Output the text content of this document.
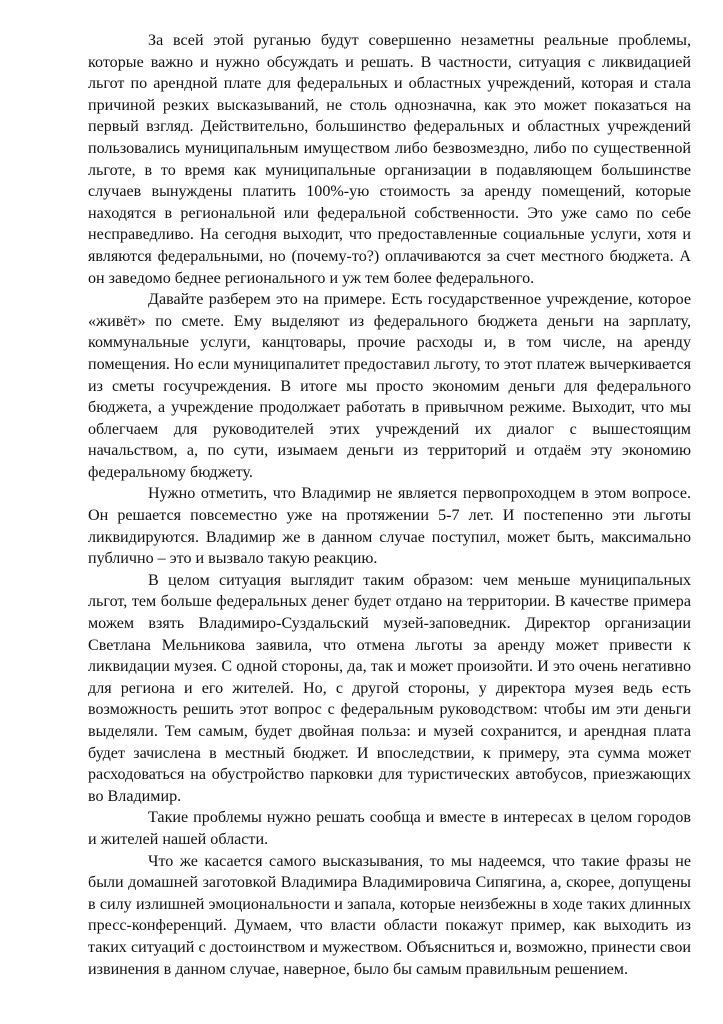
За всей этой руганью будут совершенно незаметны реальные проблемы, которые важно и нужно обсуждать и решать. В частности, ситуация с ликвидацией льгот по арендной плате для федеральных и областных учреждений, которая и стала причиной резких высказываний, не столь однозначна, как это может показаться на первый взгляд. Действительно, большинство федеральных и областных учреждений пользовались муниципальным имуществом либо безвозмездно, либо по существенной льготе, в то время как муниципальные организации в подавляющем большинстве случаев вынуждены платить 100%-ую стоимость за аренду помещений, которые находятся в региональной или федеральной собственности. Это уже само по себе несправедливо. На сегодня выходит, что предоставленные социальные услуги, хотя и являются федеральными, но (почему-то?) оплачиваются за счет местного бюджета. А он заведомо беднее регионального и уж тем более федерального.

Давайте разберем это на примере. Есть государственное учреждение, которое «живёт» по смете. Ему выделяют из федерального бюджета деньги на зарплату, коммунальные услуги, канцтовары, прочие расходы и, в том числе, на аренду помещения. Но если муниципалитет предоставил льготу, то этот платеж вычеркивается из сметы госучреждения. В итоге мы просто экономим деньги для федерального бюджета, а учреждение продолжает работать в привычном режиме. Выходит, что мы облегчаем для руководителей этих учреждений их диалог с вышестоящим начальством, а, по сути, изымаем деньги из территорий и отдаём эту экономию федеральному бюджету.

Нужно отметить, что Владимир не является первопроходцем в этом вопросе. Он решается повсеместно уже на протяжении 5-7 лет. И постепенно эти льготы ликвидируются. Владимир же в данном случае поступил, может быть, максимально публично – это и вызвало такую реакцию.

В целом ситуация выглядит таким образом: чем меньше муниципальных льгот, тем больше федеральных денег будет отдано на территории. В качестве примера можем взять Владимиро-Суздальский музей-заповедник. Директор организации Светлана Мельникова заявила, что отмена льготы за аренду может привести к ликвидации музея. С одной стороны, да, так и может произойти. И это очень негативно для региона и его жителей. Но, с другой стороны, у директора музея ведь есть возможность решить этот вопрос с федеральным руководством: чтобы им эти деньги выделяли. Тем самым, будет двойная польза: и музей сохранится, и арендная плата будет зачислена в местный бюджет. И впоследствии, к примеру, эта сумма может расходоваться на обустройство парковки для туристических автобусов, приезжающих во Владимир.

Такие проблемы нужно решать сообща и вместе в интересах в целом городов и жителей нашей области.

Что же касается самого высказывания, то мы надеемся, что такие фразы не были домашней заготовкой Владимира Владимировича Сипягина, а, скорее, допущены в силу излишней эмоциональности и запала, которые неизбежны в ходе таких длинных пресс-конференций. Думаем, что власти области покажут пример, как выходить из таких ситуаций с достоинством и мужеством. Объясниться и, возможно, принести свои извинения в данном случае, наверное, было бы самым правильным решением.
